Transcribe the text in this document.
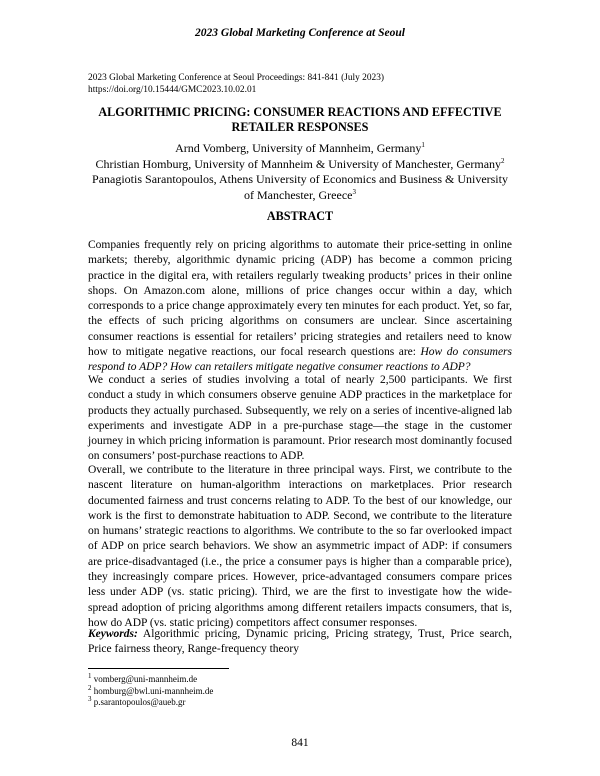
2023 Global Marketing Conference at Seoul
2023 Global Marketing Conference at Seoul Proceedings: 841-841 (July 2023)
https://doi.org/10.15444/GMC2023.10.02.01
ALGORITHMIC PRICING: CONSUMER REACTIONS AND EFFECTIVE RETAILER RESPONSES
Arnd Vomberg, University of Mannheim, Germany$^1$
Christian Homburg, University of Mannheim & University of Manchester, Germany$^2$
Panagiotis Sarantopoulos, Athens University of Economics and Business & University of Manchester, Greece$^3$
ABSTRACT

Companies frequently rely on pricing algorithms to automate their price-setting in online markets; thereby, algorithmic dynamic pricing (ADP) has become a common pricing practice in the digital era, with retailers regularly tweaking products’ prices in their online shops. On Amazon.com alone, millions of price changes occur within a day, which corresponds to a price change approximately every ten minutes for each product. Yet, so far, the effects of such pricing algorithms on consumers are unclear. Since ascertaining consumer reactions is essential for retailers’ pricing strategies and retailers need to know how to mitigate negative reactions, our focal research questions are: How do consumers respond to ADP? How can retailers mitigate negative consumer reactions to ADP?

We conduct a series of studies involving a total of nearly 2,500 participants. We first conduct a study in which consumers observe genuine ADP practices in the marketplace for products they actually purchased. Subsequently, we rely on a series of incentive-aligned lab experiments and investigate ADP in a pre-purchase stage—the stage in the customer journey in which pricing information is paramount. Prior research most dominantly focused on consumers’ post-purchase reactions to ADP.

Overall, we contribute to the literature in three principal ways. First, we contribute to the nascent literature on human-algorithm interactions on marketplaces. Prior research documented fairness and trust concerns relating to ADP. To the best of our knowledge, our work is the first to demonstrate habituation to ADP. Second, we contribute to the literature on humans’ strategic reactions to algorithms. We contribute to the so far overlooked impact of ADP on price search behaviors. We show an asymmetric impact of ADP: if consumers are price-disadvantaged (i.e., the price a consumer pays is higher than a comparable price), they increasingly compare prices. However, price-advantaged consumers compare prices less under ADP (vs. static pricing). Third, we are the first to investigate how the wide-spread adoption of pricing algorithms among different retailers impacts consumers, that is, how do ADP (vs. static pricing) competitors affect consumer responses.

Keywords: Algorithmic pricing, Dynamic pricing, Pricing strategy, Trust, Price search, Price fairness theory, Range-frequency theory

$^1$ vomberg@uni-mannheim.de
$^2$ homburg@bwl.uni-mannheim.de
$^3$ p.sarantopoulos@aueb.gr
841
